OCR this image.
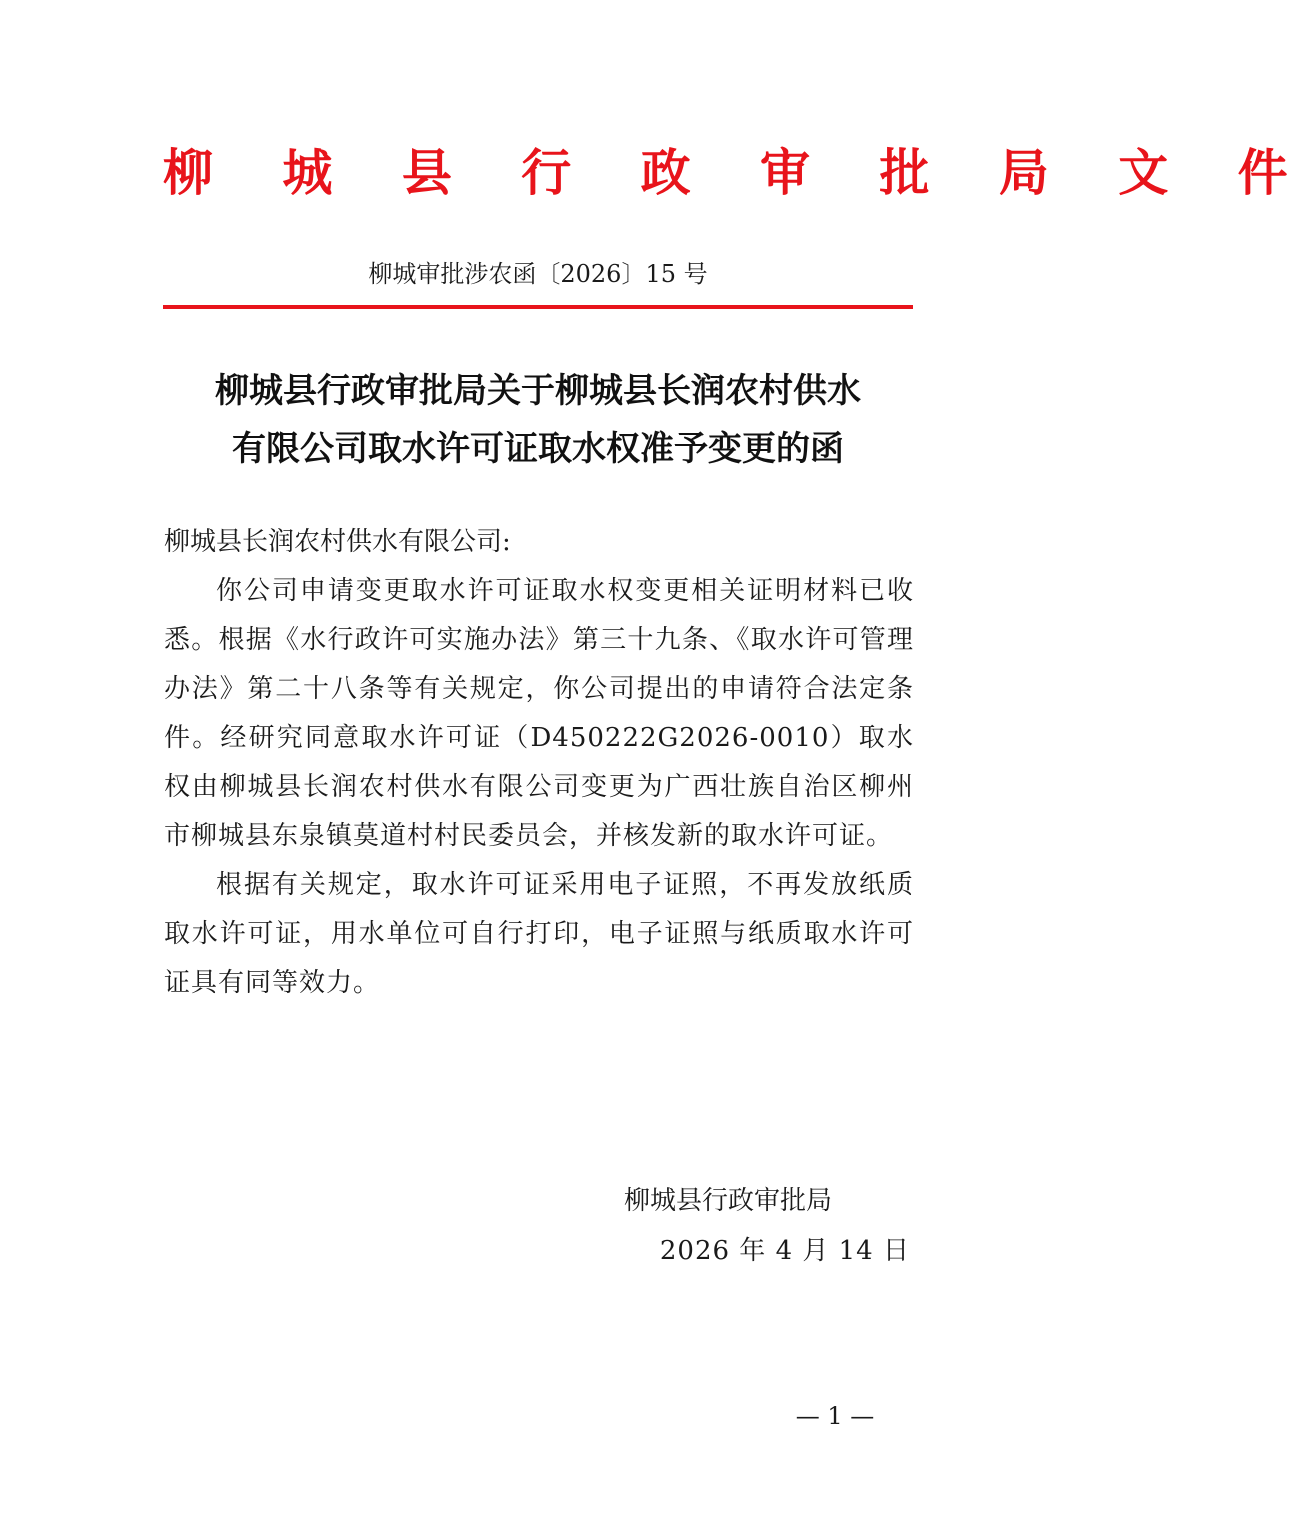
柳 城 县 行 政 审 批 局 文 件
柳城审批涉农函〔2026〕15 号
柳城县行政审批局关于柳城县长润农村供水
有限公司取水许可证取水权准予变更的函

柳城县长润农村供水有限公司:

你公司申请变更取水许可证取水权变更相关证明材料已收悉。根据《水行政许可实施办法》第三十九条、《取水许可管理办法》第二十八条等有关规定，你公司提出的申请符合法定条件。经研究同意取水许可证（D450222G2026-0010）取水权由柳城县长润农村供水有限公司变更为广西壮族自治区柳州市柳城县东泉镇莫道村村民委员会，并核发新的取水许可证。

根据有关规定，取水许可证采用电子证照，不再发放纸质取水许可证，用水单位可自行打印，电子证照与纸质取水许可证具有同等效力。

柳城县行政审批局
2026 年 4 月 14 日
— 1 —
